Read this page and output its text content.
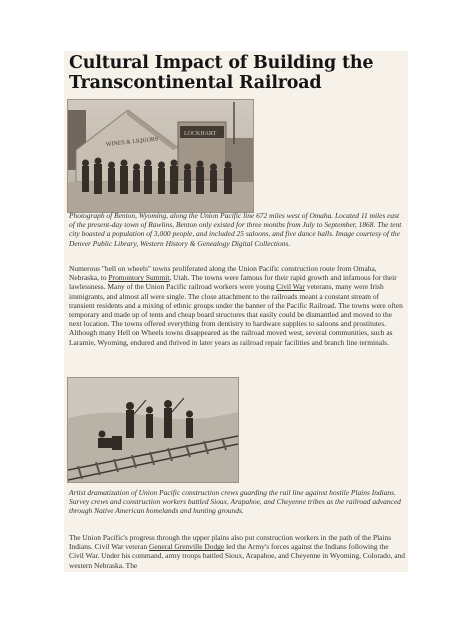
Cultural Impact of Building the Transcontinental Railroad
WINES & LIQUORS
LOCKHART
Photograph of Benton, Wyoming, along the Union Pacific line 672 miles west of Omaha. Located 11 miles east of the present-day town of Rawlins, Benton only existed for three months from July to September, 1868. The tent city boasted a population of 3,000 people, and included 25 saloons, and five dance halls. Image courtesy of the Denver Public Library, Western History & Genealogy Digital Collections.
Numerous "hell on wheels" towns proliferated along the Union Pacific construction route from Omaha, Nebraska, to Promontory Summit, Utah. The towns were famous for their rapid growth and infamous for their lawlessness. Many of the Union Pacific railroad workers were young Civil War veterans, many were Irish immigrants, and almost all were single. The close attachment to the railroads meant a constant stream of transient residents and a mixing of ethnic groups under the banner of the Pacific Railroad. The towns were often temporary and made up of tents and cheap board structures that easily could be dismantled and moved to the next location. The towns offered everything from dentistry to hardware supplies to saloons and prostitutes. Although many Hell on Wheels towns disappeared as the railroad moved west, several communities, such as Laramie, Wyoming, endured and thrived in later years as railroad repair facilities and branch line terminals.
Artist dramatization of Union Pacific construction crews guarding the rail line against hostile Plains Indians. Survey crews and construction workers battled Sioux, Arapahoe, and Cheyenne tribes as the railroad advanced through Native American homelands and hunting grounds.
The Union Pacific's progress through the upper plains also put construction workers in the path of the Plains Indians. Civil War veteran General Grenville Dodge led the Army's forces against the Indians following the Civil War. Under his command, army troops battled Sioux, Arapahoe, and Cheyenne in Wyoming, Colorado, and western Nebraska. The
